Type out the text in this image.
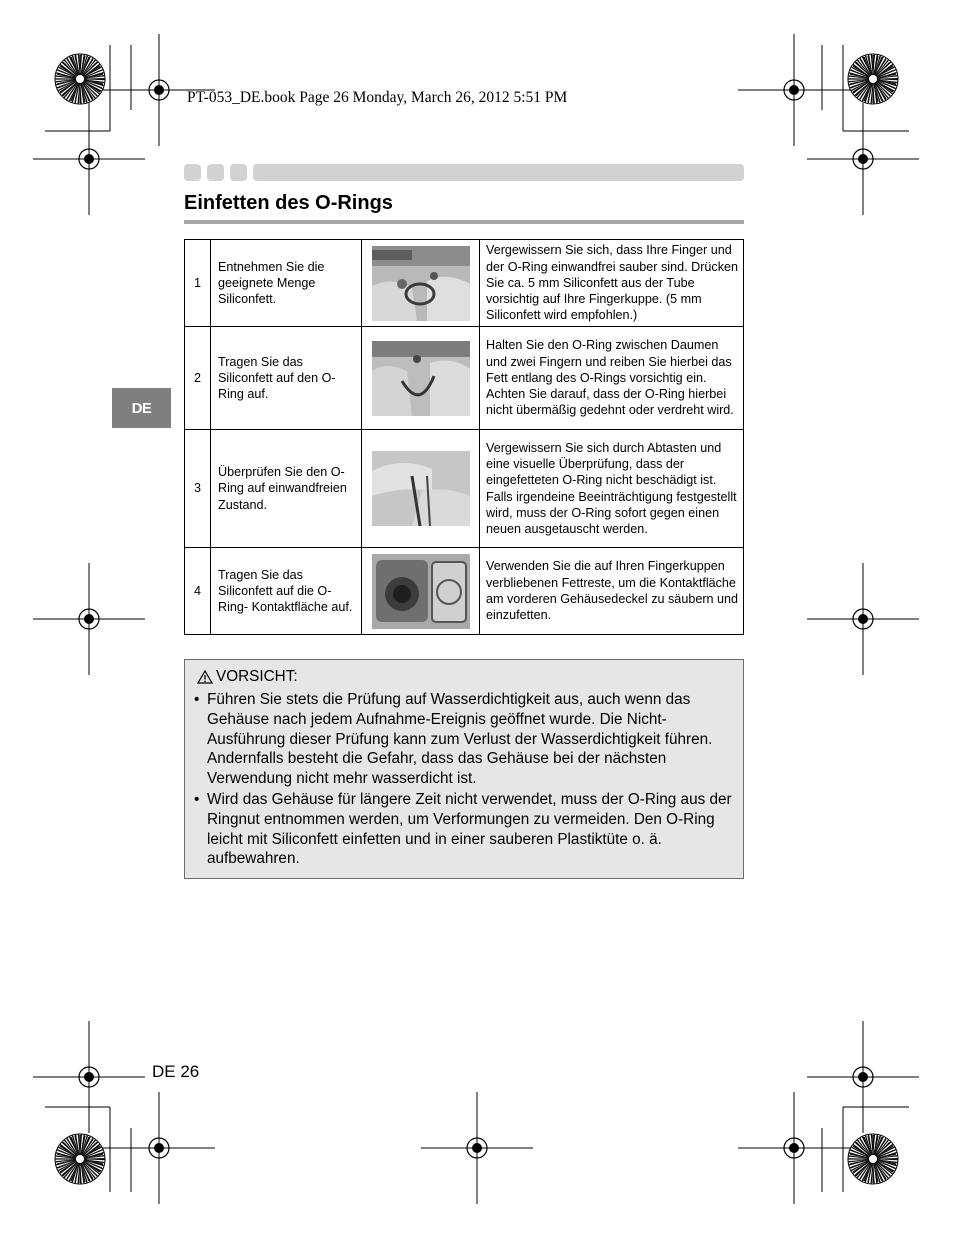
PT-053_DE.book Page 26 Monday, March 26, 2012 5:51 PM
Einfetten des O-Rings
DE
1	Entnehmen Sie die geeignete Menge Siliconfett.		Vergewissern Sie sich, dass Ihre Finger und der O-Ring einwandfrei sauber sind. Drücken Sie ca. 5 mm Siliconfett aus der Tube vorsichtig auf Ihre Fingerkuppe. (5 mm Siliconfett wird empfohlen.)
2	Tragen Sie das Siliconfett auf den O-Ring auf.		Halten Sie den O-Ring zwischen Daumen und zwei Fingern und reiben Sie hierbei das Fett entlang des O-Rings vorsichtig ein. Achten Sie darauf, dass der O-Ring hierbei nicht übermäßig gedehnt oder verdreht wird.
3	Überprüfen Sie den O-Ring auf einwandfreien Zustand.		Vergewissern Sie sich durch Abtasten und eine visuelle Überprüfung, dass der eingefetteten O-Ring nicht beschädigt ist. Falls irgendeine Beeinträchtigung festgestellt wird, muss der O-Ring sofort gegen einen neuen ausgetauscht werden.
4	Tragen Sie das Siliconfett auf die O-Ring- Kontaktfläche auf.		Verwenden Sie die auf Ihren Fingerkuppen verbliebenen Fettreste, um die Kontaktfläche am vorderen Gehäusedeckel zu säubern und einzufetten.
VORSICHT:
• Führen Sie stets die Prüfung auf Wasserdichtigkeit aus, auch wenn das Gehäuse nach jedem Aufnahme-Ereignis geöffnet wurde. Die Nicht-Ausführung dieser Prüfung kann zum Verlust der Wasserdichtigkeit führen. Andernfalls besteht die Gefahr, dass das Gehäuse bei der nächsten Verwendung nicht mehr wasserdicht ist.
• Wird das Gehäuse für längere Zeit nicht verwendet, muss der O-Ring aus der Ringnut entnommen werden, um Verformungen zu vermeiden. Den O-Ring leicht mit Siliconfett einfetten und in einer sauberen Plastiktüte o. ä. aufbewahren.
DE 26
